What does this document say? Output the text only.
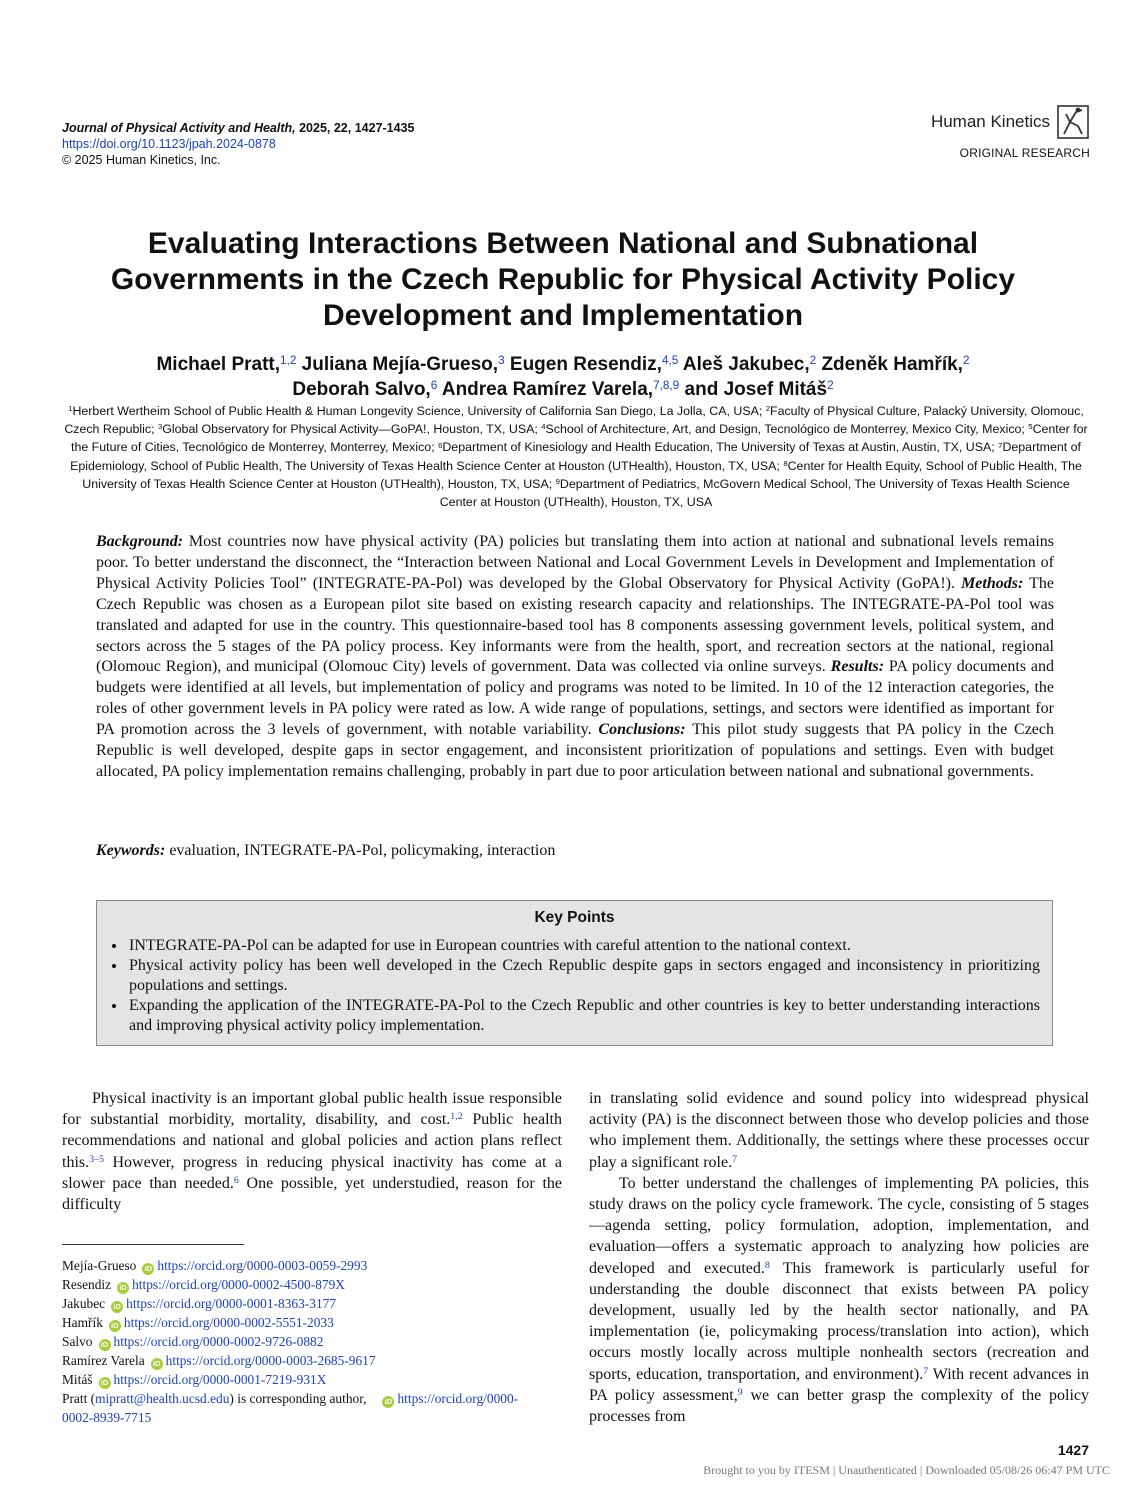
Journal of Physical Activity and Health, 2025, 22, 1427-1435
https://doi.org/10.1123/jpah.2024-0878
© 2025 Human Kinetics, Inc.
Human Kinetics
ORIGINAL RESEARCH
Evaluating Interactions Between National and Subnational
Governments in the Czech Republic for Physical Activity Policy
Development and Implementation
Michael Pratt,$^{1,2}$ Juliana Mejía-Grueso,$^3$ Eugen Resendiz,$^{4,5}$ Aleš Jakubec,$^2$ Zdeněk Hamřík,$^2$
Deborah Salvo,$^6$ Andrea Ramírez Varela,$^{7,8,9}$ and Josef Mitáš$^2$
$^1$Herbert Wertheim School of Public Health & Human Longevity Science, University of California San Diego, La Jolla, CA, USA; $^2$Faculty of Physical Culture, Palacký University, Olomouc, Czech Republic; $^3$Global Observatory for Physical Activity—GoPA!, Houston, TX, USA; $^4$School of Architecture, Art, and Design, Tecnológico de Monterrey, Mexico City, Mexico; $^5$Center for the Future of Cities, Tecnológico de Monterrey, Monterrey, Mexico; $^6$Department of Kinesiology and Health Education, The University of Texas at Austin, Austin, TX, USA; $^7$Department of Epidemiology, School of Public Health, The University of Texas Health Science Center at Houston (UTHealth), Houston, TX, USA; $^8$Center for Health Equity, School of Public Health, The University of Texas Health Science Center at Houston (UTHealth), Houston, TX, USA; $^9$Department of Pediatrics, McGovern Medical School, The University of Texas Health Science Center at Houston (UTHealth), Houston, TX, USA
Background: Most countries now have physical activity (PA) policies but translating them into action at national and subnational levels remains poor. To better understand the disconnect, the “Interaction between National and Local Government Levels in Development and Implementation of Physical Activity Policies Tool” (INTEGRATE-PA-Pol) was developed by the Global Observatory for Physical Activity (GoPA!). Methods: The Czech Republic was chosen as a European pilot site based on existing research capacity and relationships. The INTEGRATE-PA-Pol tool was translated and adapted for use in the country. This questionnaire-based tool has 8 components assessing government levels, political system, and sectors across the 5 stages of the PA policy process. Key informants were from the health, sport, and recreation sectors at the national, regional (Olomouc Region), and municipal (Olomouc City) levels of government. Data was collected via online surveys. Results: PA policy documents and budgets were identified at all levels, but implementation of policy and programs was noted to be limited. In 10 of the 12 interaction categories, the roles of other government levels in PA policy were rated as low. A wide range of populations, settings, and sectors were identified as important for PA promotion across the 3 levels of government, with notable variability. Conclusions: This pilot study suggests that PA policy in the Czech Republic is well developed, despite gaps in sector engagement, and inconsistent prioritization of populations and settings. Even with budget allocated, PA policy implementation remains challenging, probably in part due to poor articulation between national and subnational governments.
Keywords: evaluation, INTEGRATE-PA-Pol, policymaking, interaction
Key Points
• INTEGRATE-PA-Pol can be adapted for use in European countries with careful attention to the national context.
• Physical activity policy has been well developed in the Czech Republic despite gaps in sectors engaged and inconsistency in prioritizing populations and settings.
• Expanding the application of the INTEGRATE-PA-Pol to the Czech Republic and other countries is key to better understanding interactions and improving physical activity policy implementation.

Physical inactivity is an important global public health issue responsible for substantial morbidity, mortality, disability, and cost.$^{1,2}$ Public health recommendations and national and global policies and action plans reflect this.$^{3-5}$ However, progress in reducing physical inactivity has come at a slower pace than needed.$^6$ One possible, yet understudied, reason for the difficulty

Mejía-Grueso iD https://orcid.org/0000-0003-0059-2993
Resendiz iD https://orcid.org/0000-0002-4500-879X
Jakubec iD https://orcid.org/0000-0001-8363-3177
Hamřík iD https://orcid.org/0000-0002-5551-2033
Salvo iD https://orcid.org/0000-0002-9726-0882
Ramírez Varela iD https://orcid.org/0000-0003-2685-9617
Mitáš iD https://orcid.org/0000-0001-7219-931X
Pratt (mipratt@health.ucsd.edu) is corresponding author, iD https://orcid.org/0000-
0002-8939-7715

in translating solid evidence and sound policy into widespread physical activity (PA) is the disconnect between those who develop policies and those who implement them. Additionally, the settings where these processes occur play a significant role.$^7$

To better understand the challenges of implementing PA policies, this study draws on the policy cycle framework. The cycle, consisting of 5 stages—agenda setting, policy formulation, adoption, implementation, and evaluation—offers a systematic approach to analyzing how policies are developed and executed.$^8$ This framework is particularly useful for understanding the double disconnect that exists between PA policy development, usually led by the health sector nationally, and PA implementation (ie, policymaking process/translation into action), which occurs mostly locally across multiple nonhealth sectors (recreation and sports, education, transportation, and environment).$^7$ With recent advances in PA policy assessment,$^9$ we can better grasp the complexity of the policy processes from

1427
Brought to you by ITESM | Unauthenticated | Downloaded 05/08/26 06:47 PM UTC
